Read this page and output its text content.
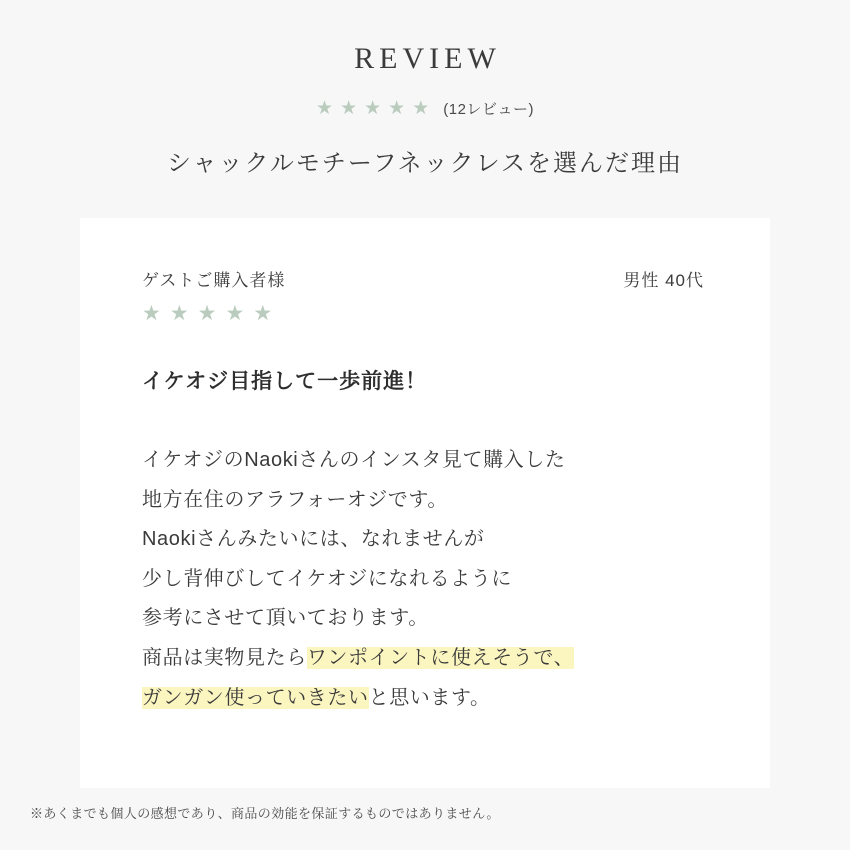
REVIEW
★ ★ ★ ★ ★ (12レビュー)
シャックルモチーフネックレスを選んだ理由
ゲストご購入者様
★ ★ ★ ★ ★
男性 40代
イケオジ目指して一歩前進！
イケオジのNaokiさんのインスタ見て購入した
地方在住のアラフォーオジです。
Naokiさんみたいには、なれませんが
少し背伸びしてイケオジになれるように
参考にさせて頂いております。
商品は実物見たらワンポイントに使えそうで、
ガンガン使っていきたいと思います。
※あくまでも個人の感想であり、商品の効能を保証するものではありません。
